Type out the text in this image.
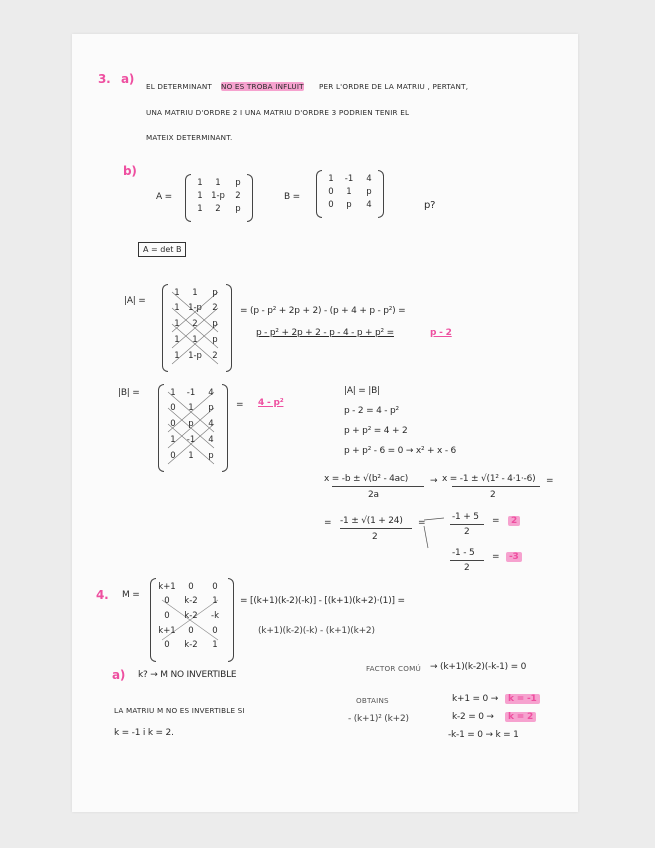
3. a)
EL DETERMINANT NO ES TROBA INFLUIT PER L'ORDRE DE LA MATRIU , PERTANT,
UNA MATRIU D'ORDRE 2 I UNA MATRIU D'ORDRE 3 PODRIEN TENIR EL
MATEIX DETERMINANT.
b)
A =
1	1	p
1 1-p	2
1	2	p
B =
1	-1	4
0	1	p
0	p	4	p?
A = det B
|A| =
1	1	p
1 1-p	2
1	2	p
1	1	p
1 1-p	2
= (p - p² + 2p + 2) - (p + 4 + p - p²) =
p - p² + 2p + 2 - p - 4 - p + p² =	p - 2
|B| =	1	-1	4
0	1	p
0	p	4
1	-1	4
0	1	p
= 4 - p²
|A| = |B|
p - 2 = 4 - p²
p + p² = 4 + 2
p + p² - 6 = 0 → x² + x - 6
x = -b ± √(b² - 4ac)
2a
→ x = -1 ± √(1² - 4·1·-6)
2
=
= -1 ± √(1 + 24)
2
=
-1 + 5
2
=	2
-1 - 5
2
=	-3
4. M =
k+1	0	0
0	k-2	1
0	k-2	-k
k+1	0	0
0	k-2	1
= [(k+1)(k-2)(-k)] - [(k+1)(k+2)·(1)] =
(k+1)(k-2)(-k) - (k+1)(k+2)
FACTOR COMÚ → (k+1)(k-2)(-k-1) = 0
OBTAINS
- (k+1)² (k+2)
k+1 = 0 →	k = -1
k-2 = 0 →	k = 2
-k-1 = 0 → k = 1
a) k? → M NO INVERTIBLE
LA MATRIU M NO ES INVERTIBLE SI
k = -1 i k = 2.
